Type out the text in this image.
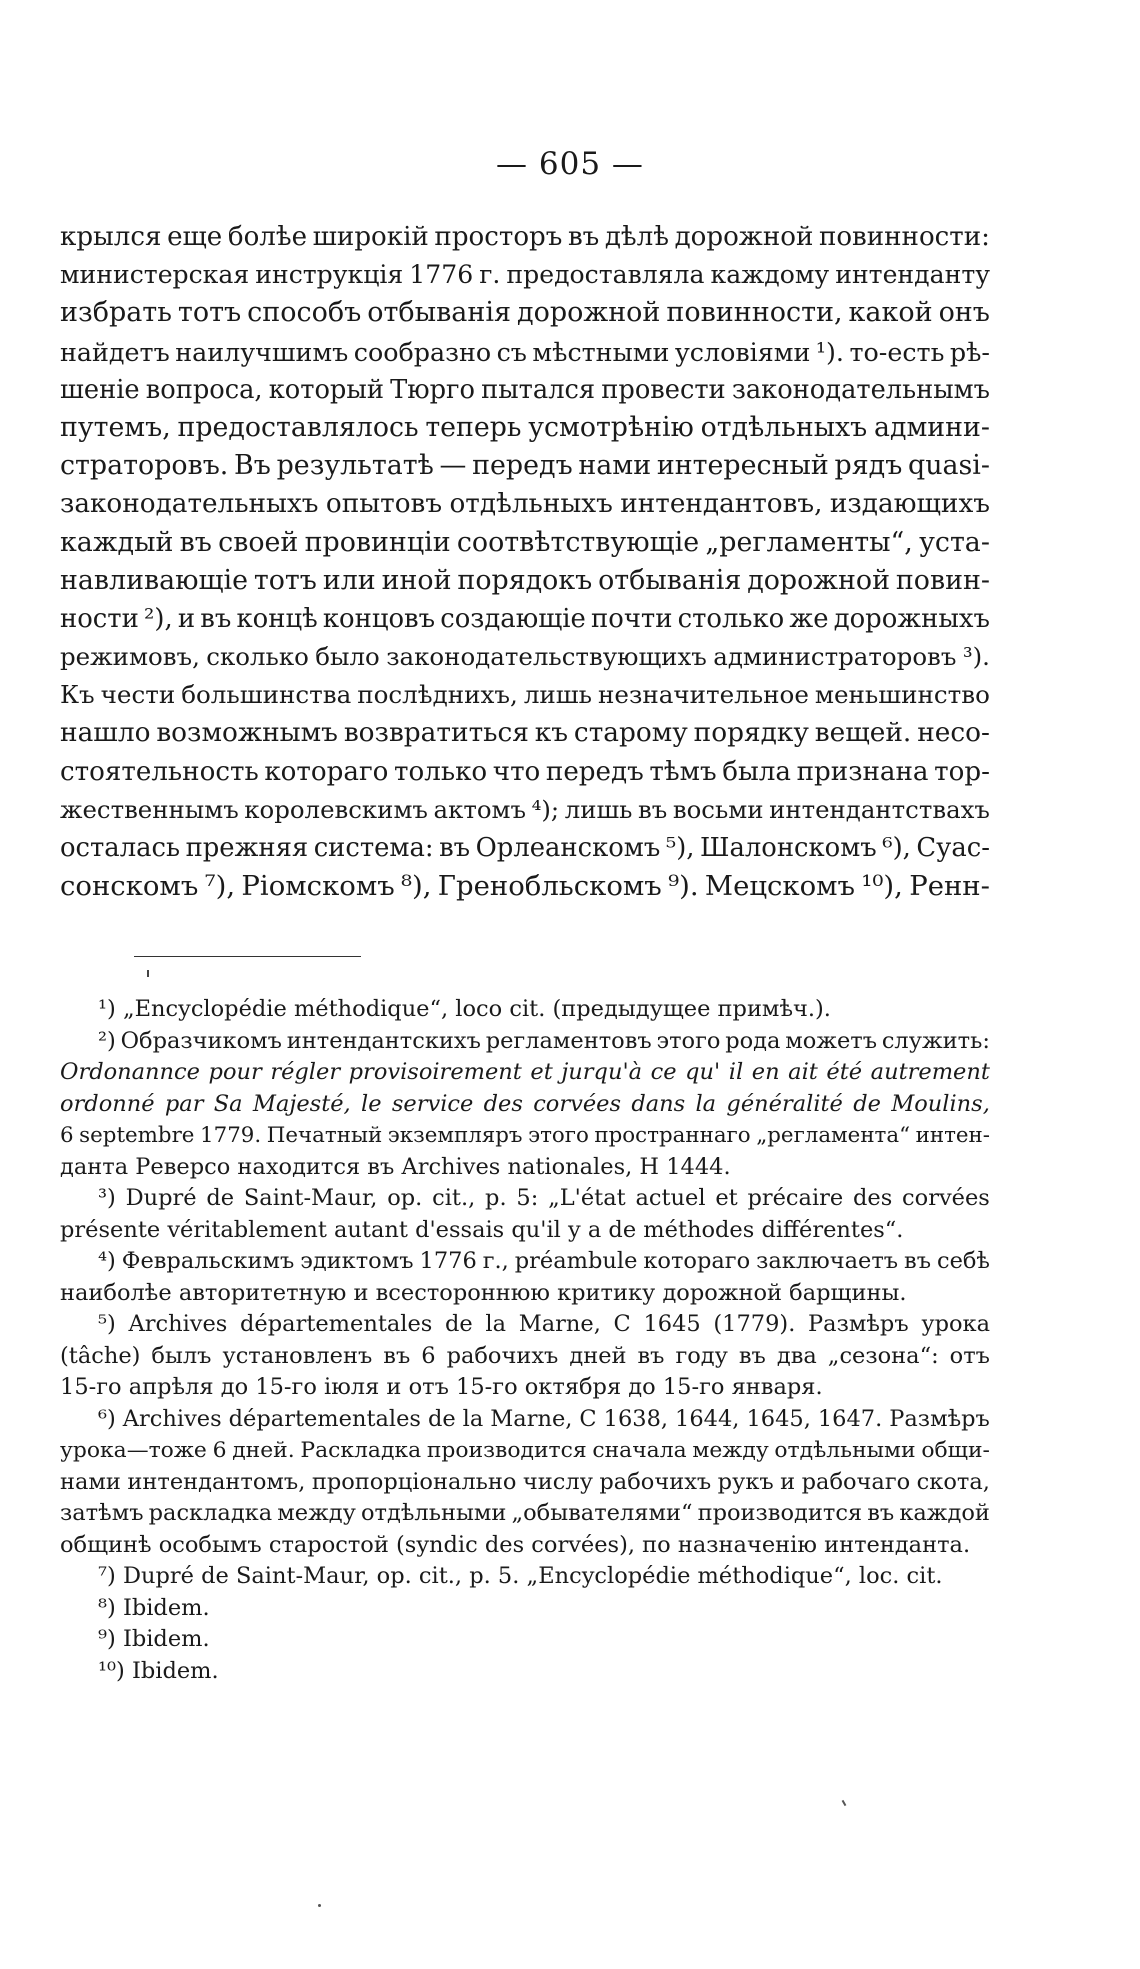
— 605 —
крылся еще болѣе широкій просторъ въ дѣлѣ дорожной повинности:
министерская инструкція 1776 г. предоставляла каждому интенданту
избрать тотъ способъ отбыванія дорожной повинности, какой онъ
найдетъ наилучшимъ сообразно съ мѣстными условіями ¹). то-есть рѣ-
шеніе вопроса, который Тюрго пытался провести законодательнымъ
путемъ, предоставлялось теперь усмотрѣнію отдѣльныхъ админи-
страторовъ. Въ результатѣ — передъ нами интересный рядъ quasi-
законодательныхъ опытовъ отдѣльныхъ интендантовъ, издающихъ
каждый въ своей провинціи соотвѣтствующіе „регламенты“, уста-
навливающіе тотъ или иной порядокъ отбыванія дорожной повин-
ности ²), и въ концѣ концовъ создающіе почти столько же дорожныхъ
режимовъ, сколько было законодательствующихъ администраторовъ ³).
Къ чести большинства послѣднихъ, лишь незначительное меньшинство
нашло возможнымъ возвратиться къ старому порядку вещей. несо-
стоятельность котораго только что передъ тѣмъ была признана тор-
жественнымъ королевскимъ актомъ ⁴); лишь въ восьми интендантствахъ
осталась прежняя система: въ Орлеанскомъ ⁵), Шалонскомъ ⁶), Суас-
сонскомъ ⁷), Ріомскомъ ⁸), Гренобльскомъ ⁹). Мецскомъ ¹⁰), Ренн-
¹) „Encyclopédie méthodique“, loco cit. (предыдущее примѣч.).
²) Образчикомъ интендантскихъ регламентовъ этого рода можетъ служить:
Ordonannce pour régler provisoirement et jurqu'à ce qu' il en ait été autrement
ordonné par Sa Majesté, le service des corvées dans la généralité de Moulins,
6 septembre 1779. Печатный экземпляръ этого пространнаго „регламента“ интен-
данта Реверсо находится въ Archives nationales, H 1444.
³) Dupré de Saint-Maur, op. cit., p. 5: „L'état actuel et précaire des corvées
présente véritablement autant d'essais qu'il y a de méthodes différentes“.
⁴) Февральскимъ эдиктомъ 1776 г., préambule котораго заключаетъ въ себѣ
наиболѣе авторитетную и всестороннюю критику дорожной барщины.
⁵) Archives départementales de la Marne, C 1645 (1779). Размѣръ урока
(tâche) былъ установленъ въ 6 рабочихъ дней въ году въ два „сезона“: отъ
15-го апрѣля до 15-го іюля и отъ 15-го октября до 15-го января.
⁶) Archives départementales de la Marne, C 1638, 1644, 1645, 1647. Размѣръ
урока—тоже 6 дней. Раскладка производится сначала между отдѣльными общи-
нами интендантомъ, пропорціонально числу рабочихъ рукъ и рабочаго скота,
затѣмъ раскладка между отдѣльными „обывателями“ производится въ каждой
общинѣ особымъ старостой (syndic des corvées), по назначенію интенданта.
⁷) Dupré de Saint-Maur, op. cit., p. 5. „Encyclopédie méthodique“, loc. cit.
⁸) Ibidem.
⁹) Ibidem.
¹⁰) Ibidem.
